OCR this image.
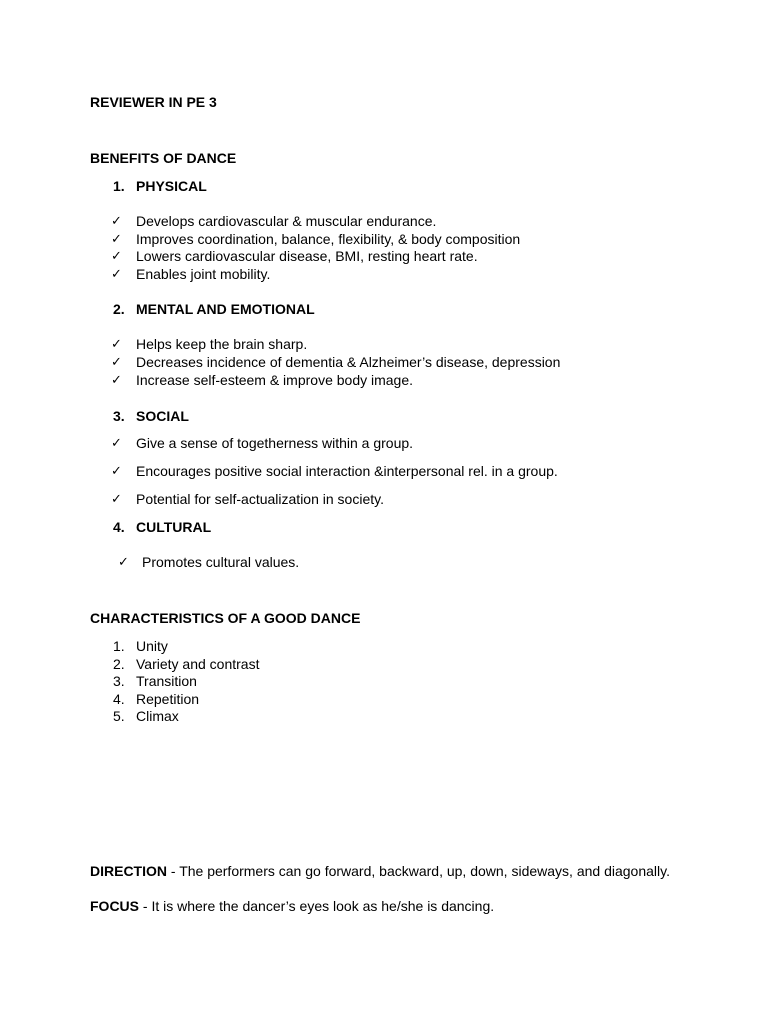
REVIEWER IN PE 3
BENEFITS OF DANCE
1. PHYSICAL
✓ Develops cardiovascular & muscular endurance.
✓ Improves coordination, balance, flexibility, & body composition
✓ Lowers cardiovascular disease, BMI, resting heart rate.
✓ Enables joint mobility.
2. MENTAL AND EMOTIONAL
✓ Helps keep the brain sharp.
✓ Decreases incidence of dementia & Alzheimer’s disease, depression
✓ Increase self-esteem & improve body image.
3. SOCIAL
✓ Give a sense of togetherness within a group.
✓ Encourages positive social interaction &interpersonal rel. in a group.
✓ Potential for self-actualization in society.
4. CULTURAL
✓ Promotes cultural values.
CHARACTERISTICS OF A GOOD DANCE
1. Unity
2. Variety and contrast
3. Transition
4. Repetition
5. Climax
DIRECTION - The performers can go forward, backward, up, down, sideways, and diagonally.
FOCUS - It is where the dancer’s eyes look as he/she is dancing.
